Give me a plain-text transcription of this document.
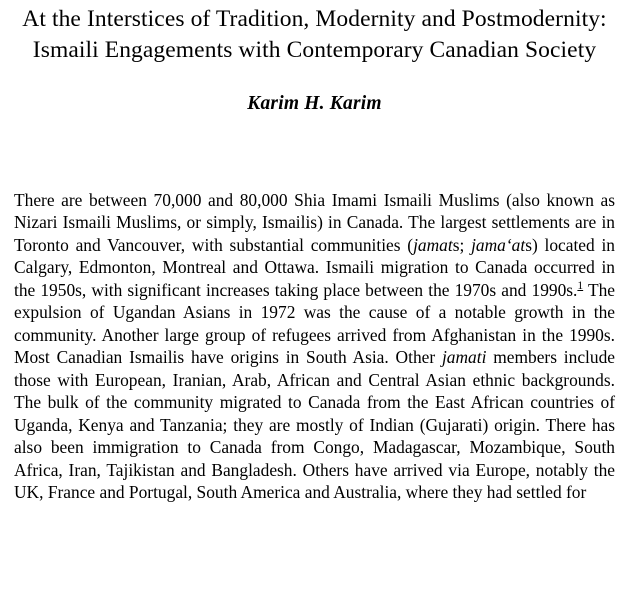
At the Interstices of Tradition, Modernity and Postmodernity: Ismaili Engagements with Contemporary Canadian Society
Karim H. Karim

There are between 70,000 and 80,000 Shia Imami Ismaili Muslims (also known as Nizari Ismaili Muslims, or simply, Ismailis) in Canada. The largest settlements are in Toronto and Vancouver, with substantial communities (jamats; jama‘ats) located in Calgary, Edmonton, Montreal and Ottawa. Ismaili migration to Canada occurred in the 1950s, with significant increases taking place between the 1970s and 1990s.$^1$ The expulsion of Ugandan Asians in 1972 was the cause of a notable growth in the community. Another large group of refugees arrived from Afghanistan in the 1990s. Most Canadian Ismailis have origins in South Asia. Other jamati members include those with European, Iranian, Arab, African and Central Asian ethnic backgrounds. The bulk of the community migrated to Canada from the East African countries of Uganda, Kenya and Tanzania; they are mostly of Indian (Gujarati) origin. There has also been immigration to Canada from Congo, Madagascar, Mozambique, South Africa, Iran, Tajikistan and Bangladesh. Others have arrived via Europe, notably the UK, France and Portugal, South America and Australia, where they had settled for
